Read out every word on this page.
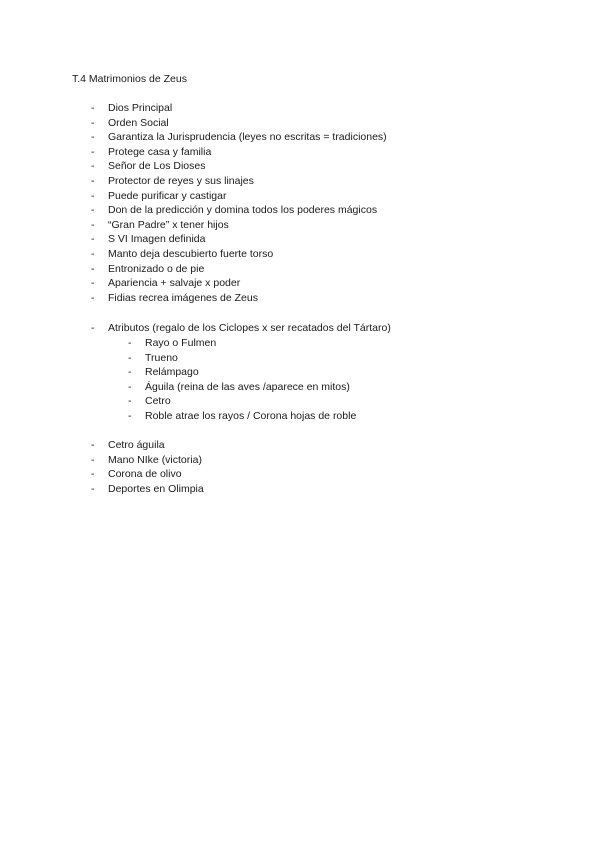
T.4 Matrimonios de Zeus
- Dios Principal
- Orden Social
- Garantiza la Jurisprudencia (leyes no escritas = tradiciones)
- Protege casa y familia
- Señor de Los Dioses
- Protector de reyes y sus linajes
- Puede purificar y castigar
- Don de la predicción y domina todos los poderes mágicos
- “Gran Padre” x tener hijos
- S VI Imagen definida
- Manto deja descubierto fuerte torso
- Entronizado o de pie
- Apariencia + salvaje x poder
- Fidias recrea imágenes de Zeus
- Atributos (regalo de los Ciclopes x ser recatados del Tártaro)
- Rayo o Fulmen
- Trueno
- Relámpago
- Águila (reina de las aves /aparece en mitos)
- Cetro
- Roble atrae los rayos / Corona hojas de roble
- Cetro águila
- Mano NIke (victoria)
- Corona de olivo
- Deportes en Olimpia
